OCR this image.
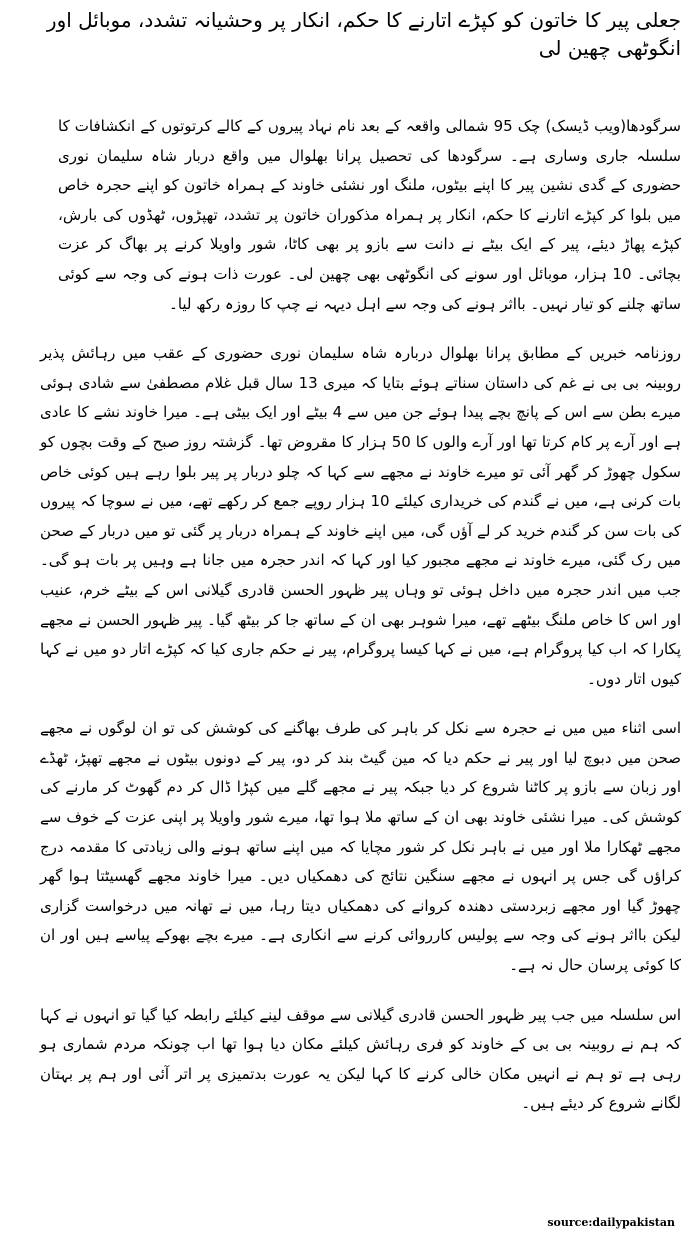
جعلی پیر کا خاتون کو کپڑے اتارنے کا حکم، انکار پر وحشیانہ تشدد، موبائل اور انگوٹھی چھین لی

سرگودھا(ویب ڈیسک) چک 95 شمالی واقعہ کے بعد نام نہاد پیروں کے کالے کرتوتوں کے انکشافات کا سلسلہ جاری وساری ہے۔ سرگودھا کی تحصیل پرانا بھلوال میں واقع دربار شاہ سلیمان نوری حضوری کے گدی نشین پیر کا اپنے بیٹوں، ملنگ اور نشئی خاوند کے ہمراہ خاتون کو اپنے حجرہ خاص میں بلوا کر کپڑے اتارنے کا حکم، انکار پر ہمراہ مذکوران خاتون پر تشدد، تھپڑوں، ٹھڈوں کی بارش، کپڑے پھاڑ دیئے، پیر کے ایک بیٹے نے دانت سے بازو پر بھی کاٹا، شور واویلا کرنے پر بھاگ کر عزت بچائی۔ 10 ہزار، موبائل اور سونے کی انگوٹھی بھی چھین لی۔ عورت ذات ہونے کی وجہ سے کوئی ساتھ چلنے کو تیار نہیں۔ بااثر ہونے کی وجہ سے اہل دیہہ نے چپ کا روزہ رکھ لیا۔

روزنامہ خبریں کے مطابق پرانا بھلوال دربارہ شاہ سلیمان نوری حضوری کے عقب میں رہائش پذیر روبینہ بی بی نے غم کی داستان سناتے ہوئے بتایا کہ میری 13 سال قبل غلام مصطفیٰ سے شادی ہوئی میرے بطن سے اس کے پانچ بچے پیدا ہوئے جن میں سے 4 بیٹے اور ایک بیٹی ہے۔ میرا خاوند نشے کا عادی ہے اور آرے پر کام کرتا تھا اور آرے والوں کا 50 ہزار کا مقروض تھا۔ گزشتہ روز صبح کے وقت بچوں کو سکول چھوڑ کر گھر آئی تو میرے خاوند نے مجھے سے کہا کہ چلو دربار پر پیر بلوا رہے ہیں کوئی خاص بات کرنی ہے، میں نے گندم کی خریداری کیلئے 10 ہزار روپے جمع کر رکھے تھے، میں نے سوچا کہ پیروں کی بات سن کر گندم خرید کر لے آؤں گی، میں اپنے خاوند کے ہمراہ دربار پر گئی تو میں دربار کے صحن میں رک گئی، میرے خاوند نے مجھے مجبور کیا اور کہا کہ اندر حجرہ میں جانا ہے وہیں پر بات ہو گی۔ جب میں اندر حجرہ میں داخل ہوئی تو وہاں پیر ظہور الحسن قادری گیلانی اس کے بیٹے خرم، عنیب اور اس کا خاص ملنگ بیٹھے تھے، میرا شوہر بھی ان کے ساتھ جا کر بیٹھ گیا۔ پیر ظہور الحسن نے مجھے پکارا کہ اب کیا پروگرام ہے، میں نے کہا کیسا پروگرام، پیر نے حکم جاری کیا کہ کپڑے اتار دو میں نے کہا کیوں اتار دوں۔

اسی اثناء میں میں نے حجرہ سے نکل کر باہر کی طرف بھاگنے کی کوشش کی تو ان لوگوں نے مجھے صحن میں دبوچ لیا اور پیر نے حکم دیا کہ مین گیٹ بند کر دو، پیر کے دونوں بیٹوں نے مجھے تھپڑ، ٹھڈے اور زبان سے بازو پر کاٹنا شروع کر دیا جبکہ پیر نے مجھے گلے میں کپڑا ڈال کر دم گھوٹ کر مارنے کی کوشش کی۔ میرا نشئی خاوند بھی ان کے ساتھ ملا ہوا تھا، میرے شور واویلا پر اپنی عزت کے خوف سے مجھے ٹھکارا ملا اور میں نے باہر نکل کر شور مچایا کہ میں اپنے ساتھ ہونے والی زیادتی کا مقدمہ درج کراؤں گی جس پر انہوں نے مجھے سنگین نتائج کی دھمکیاں دیں۔ میرا خاوند مجھے گھسیٹتا ہوا گھر چھوڑ گیا اور مجھے زبردستی دھندہ کروانے کی دھمکیاں دیتا رہا، میں نے تھانہ میں درخواست گزاری لیکن بااثر ہونے کی وجہ سے پولیس کارروائی کرنے سے انکاری ہے۔ میرے بچے بھوکے پیاسے ہیں اور ان کا کوئی پرسان حال نہ ہے۔

اس سلسلہ میں جب پیر ظہور الحسن قادری گیلانی سے موقف لینے کیلئے رابطہ کیا گیا تو انہوں نے کہا کہ ہم نے روبینہ بی بی کے خاوند کو فری رہائش کیلئے مکان دیا ہوا تھا اب چونکہ مردم شماری ہو رہی ہے تو ہم نے انہیں مکان خالی کرنے کا کہا لیکن یہ عورت بدتمیزی پر اتر آئی اور ہم پر بہتان لگانے شروع کر دیئے ہیں۔

source:dailypakistan
